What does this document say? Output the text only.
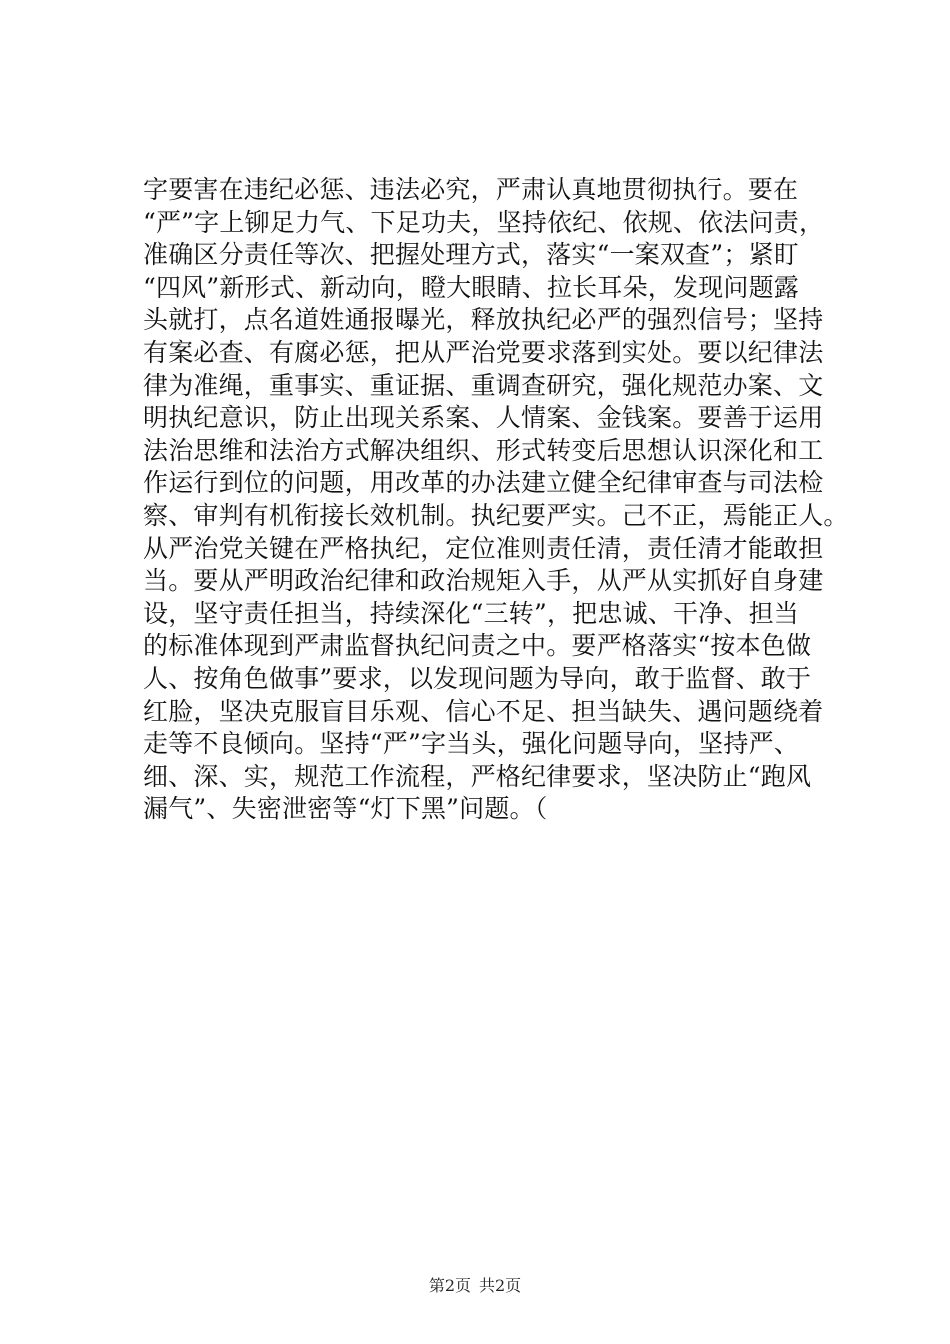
字要害在违纪必惩、违法必究，严肃认真地贯彻执行。要在
“严”字上铆足力气、下足功夫，坚持依纪、依规、依法问责，
准确区分责任等次、把握处理方式，落实“一案双查”；紧盯
“四风”新形式、新动向，瞪大眼睛、拉长耳朵，发现问题露
头就打，点名道姓通报曝光，释放执纪必严的强烈信号；坚持
有案必查、有腐必惩，把从严治党要求落到实处。要以纪律法
律为准绳，重事实、重证据、重调查研究，强化规范办案、文
明执纪意识，防止出现关系案、人情案、金钱案。要善于运用
法治思维和法治方式解决组织、形式转变后思想认识深化和工
作运行到位的问题，用改革的办法建立健全纪律审查与司法检
察、审判有机衔接长效机制。执纪要严实。己不正，焉能正人。
从严治党关键在严格执纪，定位准则责任清，责任清才能敢担
当。要从严明政治纪律和政治规矩入手，从严从实抓好自身建
设，坚守责任担当，持续深化“三转”，把忠诚、干净、担当
的标准体现到严肃监督执纪问责之中。要严格落实“按本色做
人、按角色做事”要求，以发现问题为导向，敢于监督、敢于
红脸，坚决克服盲目乐观、信心不足、担当缺失、遇问题绕着
走等不良倾向。坚持“严”字当头，强化问题导向，坚持严、
细、深、实，规范工作流程，严格纪律要求，坚决防止“跑风
漏气”、失密泄密等“灯下黑”问题。（
第2页 共2页
